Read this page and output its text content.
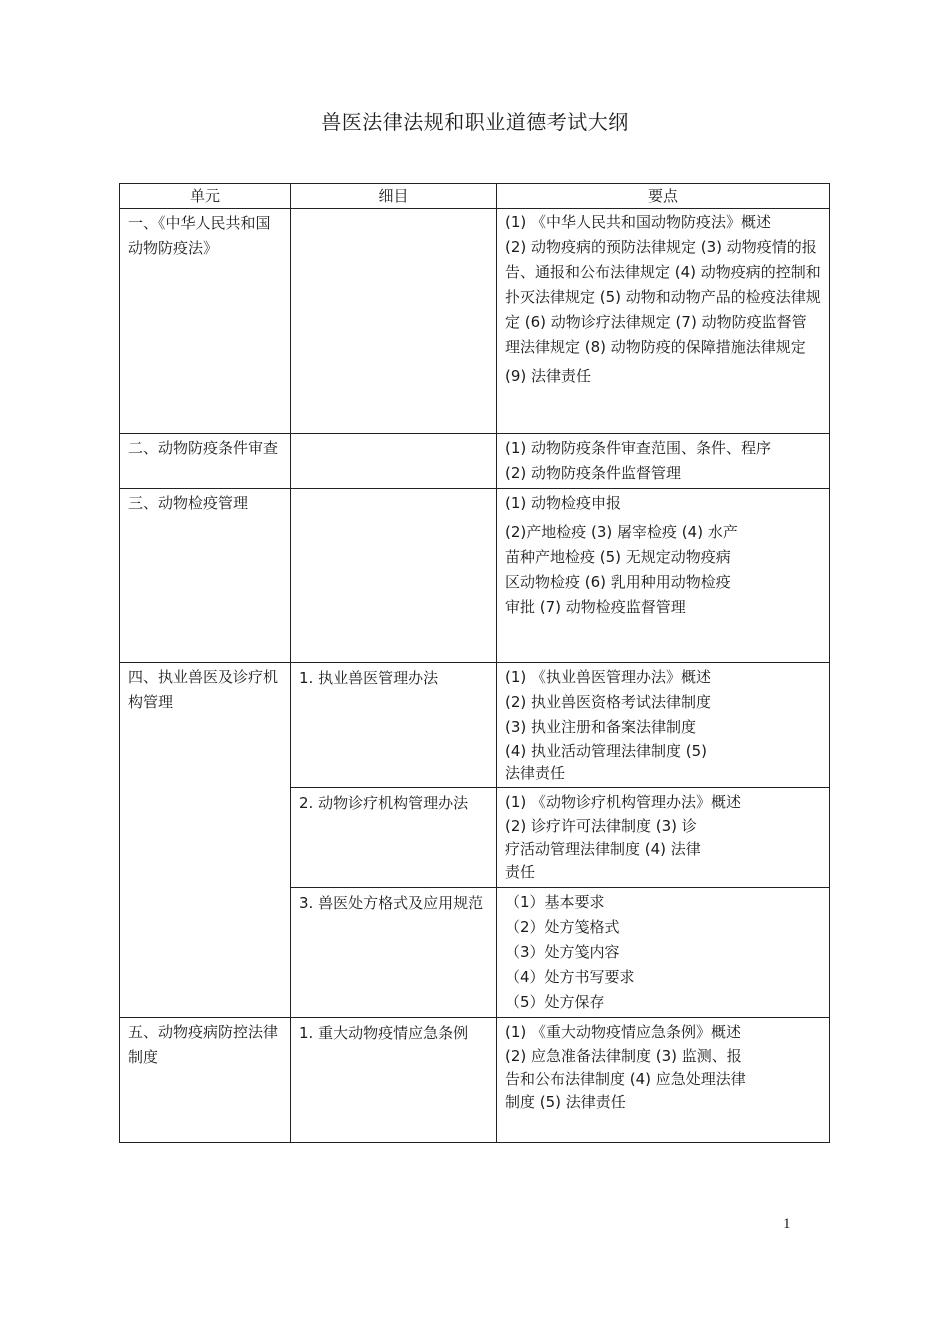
兽医法律法规和职业道德考试大纲
单元	细目	要点

一、《中华人民共和国动物防疫法》		(1) 《中华人民共和国动物防疫法》概述
(2) 动物疫病的预防法律规定 (3) 动物疫情的报告、通报和公布法律规定 (4) 动物疫病的控制和扑灭法律规定 (5) 动物和动物产品的检疫法律规定 (6) 动物诊疗法律规定 (7) 动物防疫监督管理法律规定 (8) 动物防疫的保障措施法律规定
(9) 法律责任

二、动物防疫条件审查		(1) 动物防疫条件审查范围、条件、程序
(2) 动物防疫条件监督管理

三、动物检疫管理		(1) 动物检疫申报
(2)产地检疫 (3) 屠宰检疫 (4) 水产苗种产地检疫 (5) 无规定动物疫病区动物检疫 (6) 乳用种用动物检疫审批 (7) 动物检疫监督管理

四、执业兽医及诊疗机构管理	1. 执业兽医管理办法	(1) 《执业兽医管理办法》概述
(2) 执业兽医资格考试法律制度
(3) 执业注册和备案法律制度
(4) 执业活动管理法律制度 (5) 法律责任

	2. 动物诊疗机构管理办法	(1) 《动物诊疗机构管理办法》概述
(2) 诊疗许可法律制度 (3) 诊疗活动管理法律制度 (4) 法律责任

	3. 兽医处方格式及应用规范	（1）基本要求
（2）处方笺格式
（3）处方笺内容
（4）处方书写要求
（5）处方保存

五、动物疫病防控法律制度	1. 重大动物疫情应急条例	(1) 《重大动物疫情应急条例》概述
(2) 应急准备法律制度 (3) 监测、报告和公布法律制度 (4) 应急处理法律制度 (5) 法律责任
1
